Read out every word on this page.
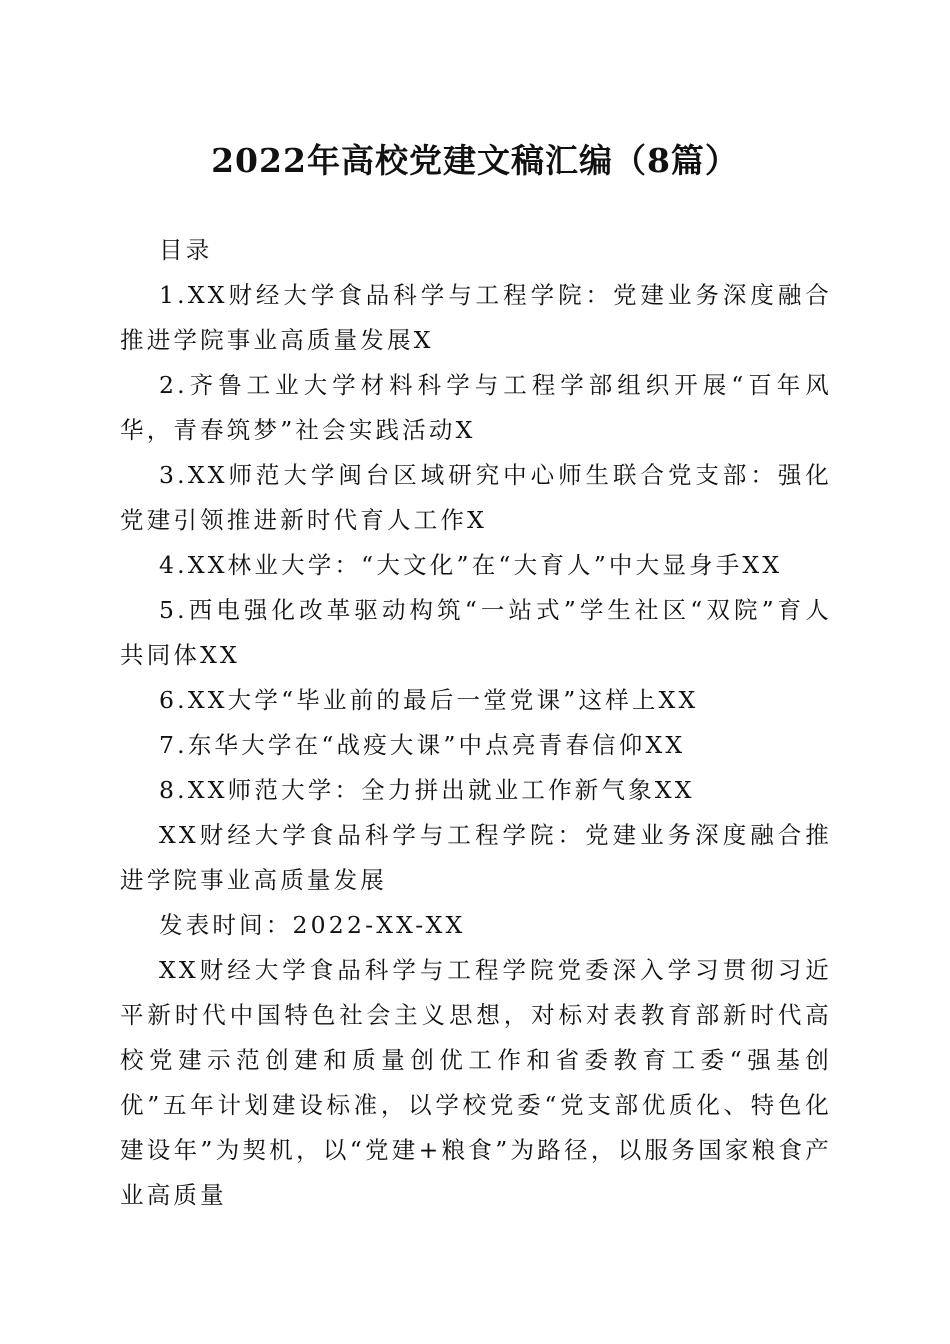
2022年高校党建文稿汇编（8篇）

目录

1.XX财经大学食品科学与工程学院：党建业务深度融合推进学院事业高质量发展X

2.齐鲁工业大学材料科学与工程学部组织开展“百年风华，青春筑梦”社会实践活动X

3.XX师范大学闽台区域研究中心师生联合党支部：强化党建引领推进新时代育人工作X

4.XX林业大学：“大文化”在“大育人”中大显身手XX

5.西电强化改革驱动构筑“一站式”学生社区“双院”育人共同体XX

6.XX大学“毕业前的最后一堂党课”这样上XX

7.东华大学在“战疫大课”中点亮青春信仰XX

8.XX师范大学：全力拼出就业工作新气象XX

XX财经大学食品科学与工程学院：党建业务深度融合推进学院事业高质量发展

发表时间：2022-XX-XX

XX财经大学食品科学与工程学院党委深入学习贯彻习近平新时代中国特色社会主义思想，对标对表教育部新时代高校党建示范创建和质量创优工作和省委教育工委“强基创优”五年计划建设标准，以学校党委“党支部优质化、特色化建设年”为契机，以“党建+粮食”为路径，以服务国家粮食产业高质量
